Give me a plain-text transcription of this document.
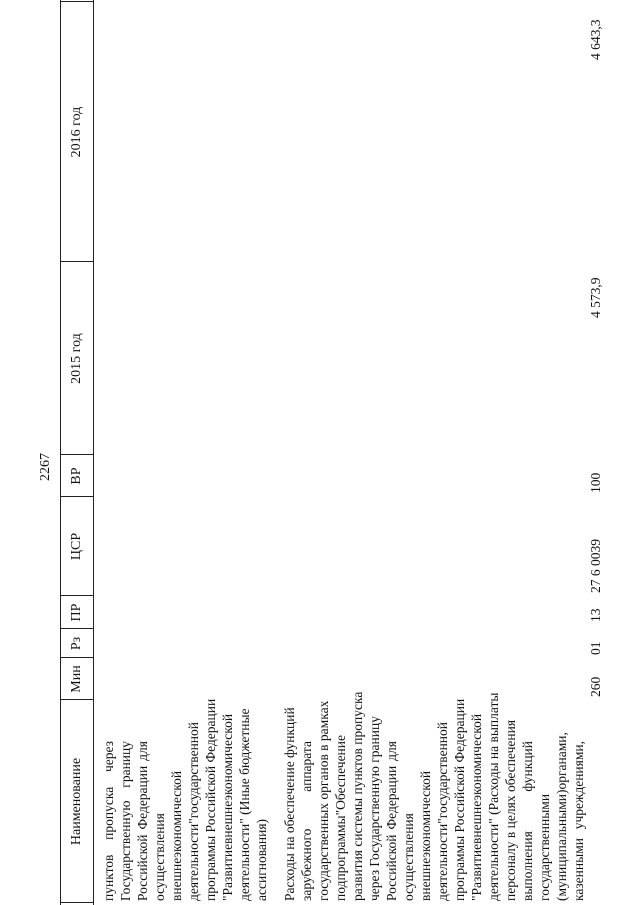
2267
Наименование
Мин
Рз
ПР
ЦСР
ВР
2015 год
2016 год
пунктов
пропуска
через
Государственную
границу
Российской
Федерации
для
осуществления внешнеэкономической деятельности"
государственной программы Российской Федерации "Развитие
внешнеэкономической деятельности" (Иные бюджетные ассигнования) Расходы на обеспечение функций зарубежного
аппарата государственных органов в рамках подпрограммы
"Обеспечение развития системы пунктов пропуска через Государственную границу Российской
Федерации
для
осуществления внешнеэкономической деятельности"
государственной программы Российской Федерации "Развитие
внешнеэкономической деятельности" (Расходы на выплаты персоналу в целях обеспечения выполнения
функций
государственными (муниципальными)
органами,
казенными
учреждениями,
260
01
13
27 6 0039
100
4 573,9
4 643,3
